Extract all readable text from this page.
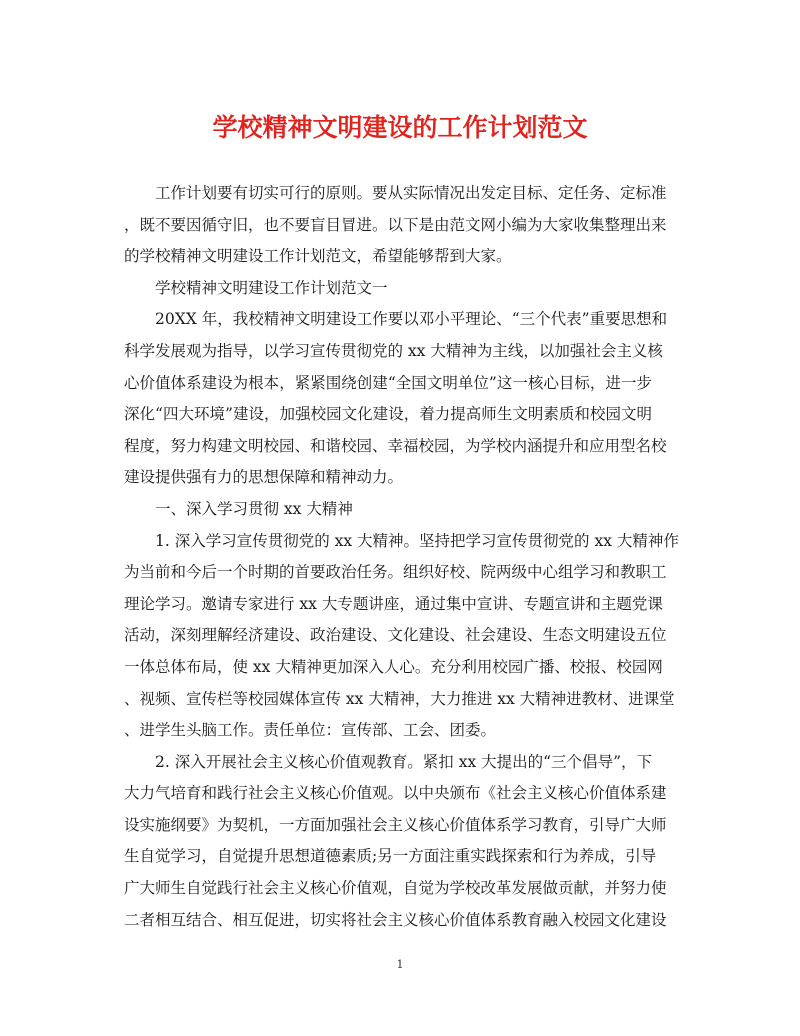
学校精神文明建设的工作计划范文
工作计划要有切实可行的原则。要从实际情况出发定目标、定任务、定标准
，既不要因循守旧，也不要盲目冒进。以下是由范文网小编为大家收集整理出来
的学校精神文明建设工作计划范文，希望能够帮到大家。
学校精神文明建设工作计划范文一
20XX 年，我校精神文明建设工作要以邓小平理论、“三个代表”重要思想和
科学发展观为指导，以学习宣传贯彻党的 xx 大精神为主线，以加强社会主义核
心价值体系建设为根本，紧紧围绕创建“全国文明单位”这一核心目标，进一步
深化“四大环境”建设，加强校园文化建设，着力提高师生文明素质和校园文明
程度，努力构建文明校园、和谐校园、幸福校园，为学校内涵提升和应用型名校
建设提供强有力的思想保障和精神动力。
一、深入学习贯彻 xx 大精神
1. 深入学习宣传贯彻党的 xx 大精神。坚持把学习宣传贯彻党的 xx 大精神作
为当前和今后一个时期的首要政治任务。组织好校、院两级中心组学习和教职工
理论学习。邀请专家进行 xx 大专题讲座，通过集中宣讲、专题宣讲和主题党课
活动，深刻理解经济建设、政治建设、文化建设、社会建设、生态文明建设五位
一体总体布局，使 xx 大精神更加深入人心。充分利用校园广播、校报、校园网
、视频、宣传栏等校园媒体宣传 xx 大精神，大力推进 xx 大精神进教材、进课堂
、进学生头脑工作。责任单位：宣传部、工会、团委。
2. 深入开展社会主义核心价值观教育。紧扣 xx 大提出的“三个倡导”，下
大力气培育和践行社会主义核心价值观。以中央颁布《社会主义核心价值体系建
设实施纲要》为契机，一方面加强社会主义核心价值体系学习教育，引导广大师
生自觉学习，自觉提升思想道德素质;另一方面注重实践探索和行为养成，引导
广大师生自觉践行社会主义核心价值观，自觉为学校改革发展做贡献，并努力使
二者相互结合、相互促进，切实将社会主义核心价值体系教育融入校园文化建设
1
